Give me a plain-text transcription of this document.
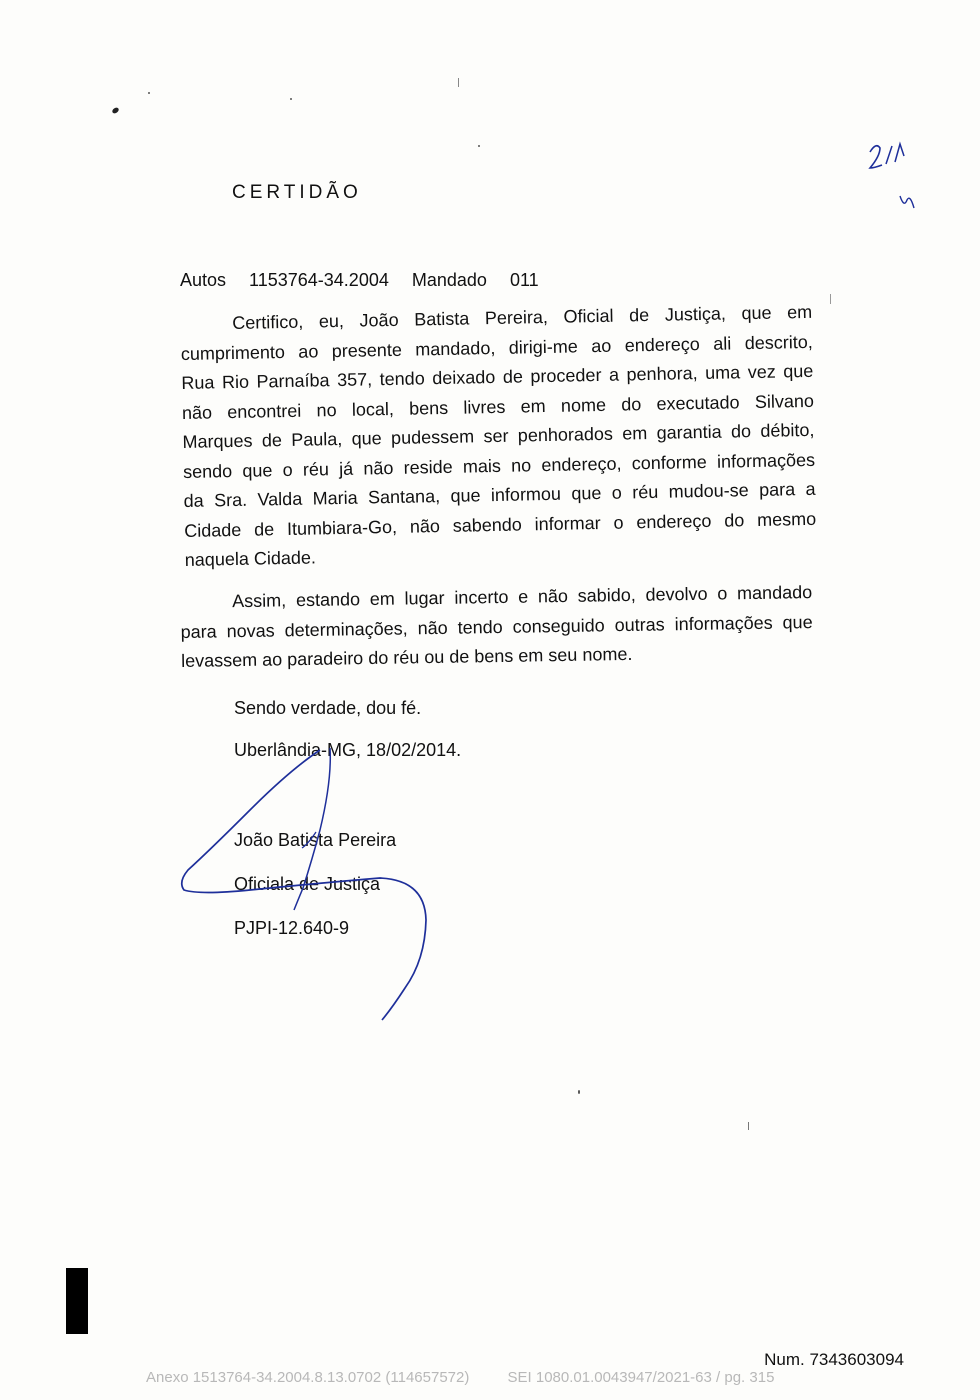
CERTIDÃO
Autos 1153764-34.2004 Mandado 011
Certifico, eu, João Batista Pereira, Oficial de Justiça, que em
cumprimento ao presente mandado, dirigi-me ao endereço ali descrito,
Rua Rio Parnaíba 357, tendo deixado de proceder a penhora, uma vez que
não encontrei no local, bens livres em nome do executado Silvano
Marques de Paula, que pudessem ser penhorados em garantia do débito,
sendo que o réu já não reside mais no endereço, conforme informações
da Sra. Valda Maria Santana, que informou que o réu mudou-se para a
Cidade de Itumbiara-Go, não sabendo informar o endereço do mesmo
naquela Cidade.
Assim, estando em lugar incerto e não sabido, devolvo o mandado
para novas determinações, não tendo conseguido outras informações que
levassem ao paradeiro do réu ou de bens em seu nome.
Sendo verdade, dou fé.
Uberlândia-MG, 18/02/2014.
João Batista Pereira
Oficiala de Justiça
PJPI-12.640-9
Num. 7343603094
Anexo 1513764-34.2004.8.13.0702 (114657572)	SEI 1080.01.0043947/2021-63 / pg. 315
